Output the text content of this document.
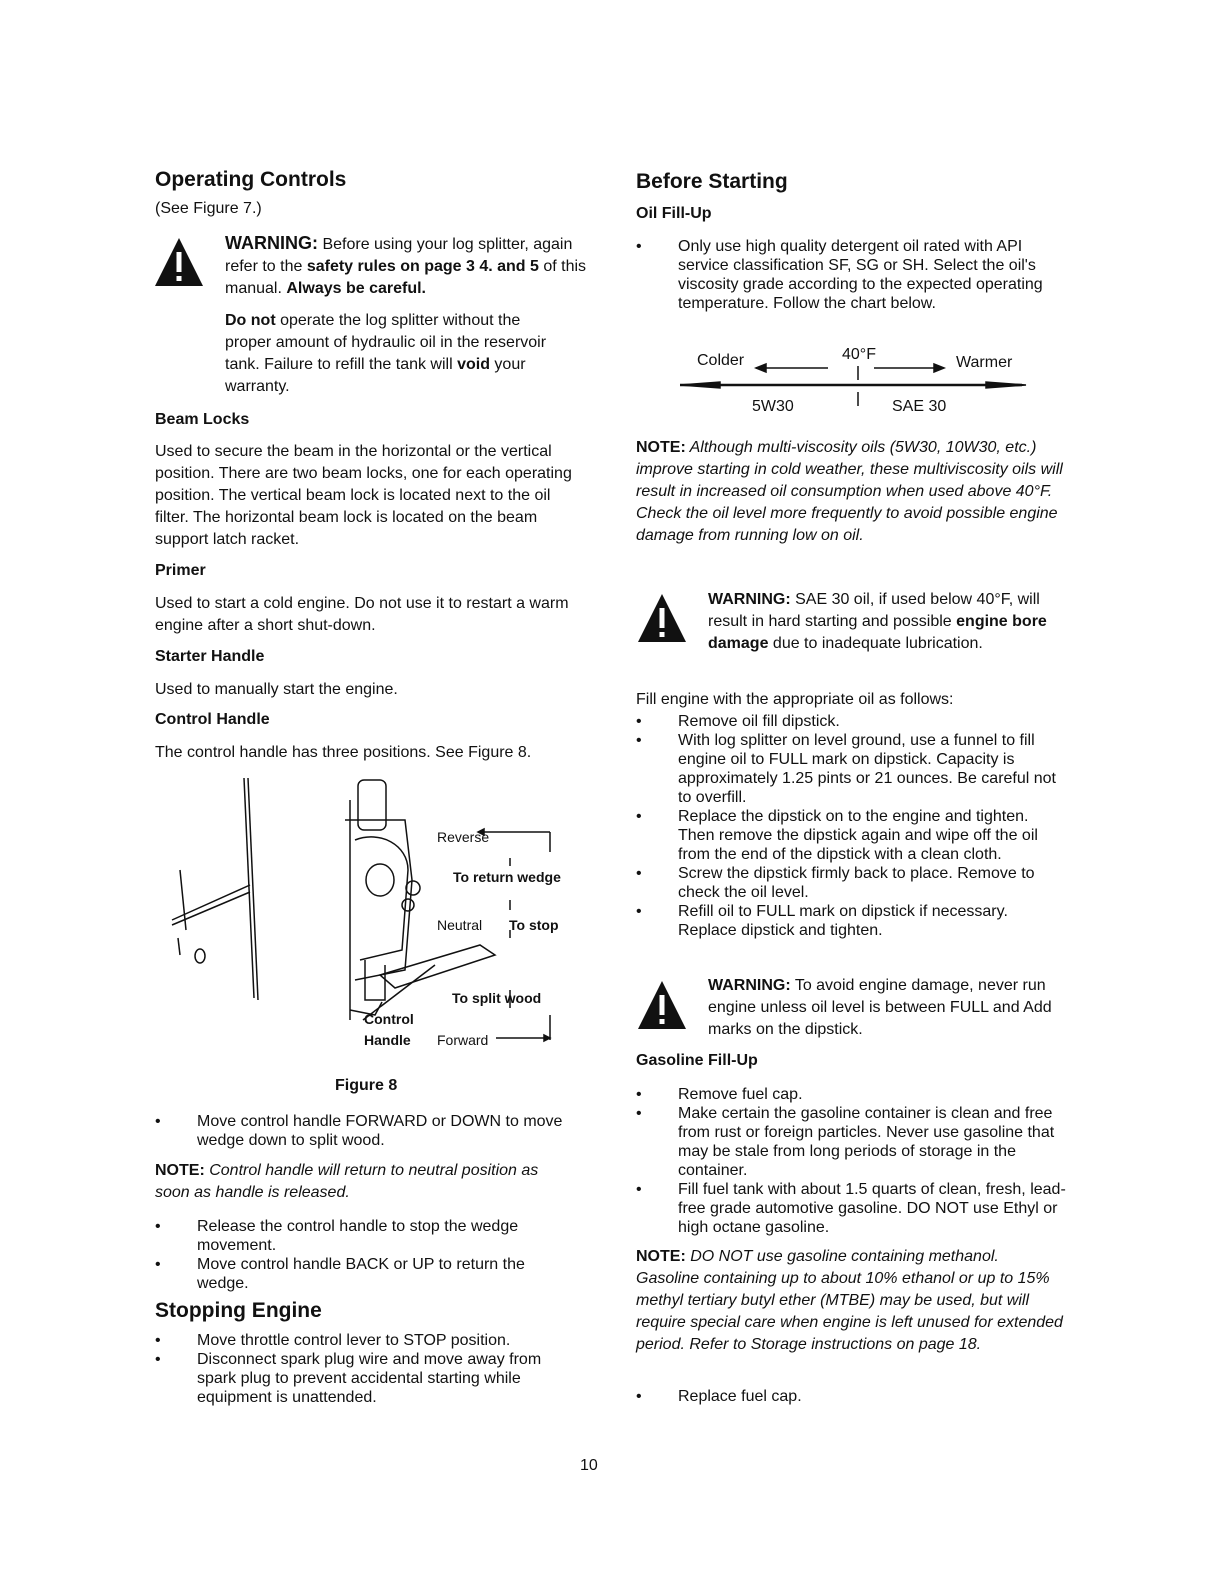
Operating Controls
(See Figure 7.)
WARNING: Before using your log splitter, again refer to the safety rules on page 3 4. and 5 of this manual. Always be careful.
Do not operate the log splitter without the proper amount of hydraulic oil in the reservoir tank. Failure to refill the tank will void your warranty.
Beam Locks
Used to secure the beam in the horizontal or the vertical position. There are two beam locks, one for each operating position. The vertical beam lock is located next to the oil filter. The horizontal beam lock is located on the beam support latch racket.
Primer
Used to start a cold engine. Do not use it to restart a warm engine after a short shut-down.
Starter Handle
Used to manually start the engine.
Control Handle
The control handle has three positions. See Figure 8.
Reverse
To return wedge
Neutral To stop
To split wood
Control
Handle Forward
Figure 8
• Move control handle FORWARD or DOWN to move wedge down to split wood.
NOTE: Control handle will return to neutral position as soon as handle is released.
• Release the control handle to stop the wedge movement.
• Move control handle BACK or UP to return the wedge.
Stopping Engine
• Move throttle control lever to STOP position.
• Disconnect spark plug wire and move away from spark plug to prevent accidental starting while equipment is unattended.
Before Starting
Oil Fill-Up
• Only use high quality detergent oil rated with API service classification SF, SG or SH. Select the oil's viscosity grade according to the expected operating temperature. Follow the chart below.
Colder	40°F	Warmer
5W30	SAE 30
NOTE: Although multi-viscosity oils (5W30, 10W30, etc.) improve starting in cold weather, these multiviscosity oils will result in increased oil consumption when used above 40°F. Check the oil level more frequently to avoid possible engine damage from running low on oil.
WARNING: SAE 30 oil, if used below 40°F, will result in hard starting and possible engine bore damage due to inadequate lubrication.
Fill engine with the appropriate oil as follows:
• Remove oil fill dipstick.
• With log splitter on level ground, use a funnel to fill engine oil to FULL mark on dipstick. Capacity is approximately 1.25 pints or 21 ounces. Be careful not to overfill.
• Replace the dipstick on to the engine and tighten. Then remove the dipstick again and wipe off the oil from the end of the dipstick with a clean cloth.
• Screw the dipstick firmly back to place. Remove to check the oil level.
• Refill oil to FULL mark on dipstick if necessary. Replace dipstick and tighten.
WARNING: To avoid engine damage, never run engine unless oil level is between FULL and Add marks on the dipstick.
Gasoline Fill-Up
• Remove fuel cap.
• Make certain the gasoline container is clean and free from rust or foreign particles. Never use gasoline that may be stale from long periods of storage in the container.
• Fill fuel tank with about 1.5 quarts of clean, fresh, lead-free grade automotive gasoline. DO NOT use Ethyl or high octane gasoline.
NOTE: DO NOT use gasoline containing methanol. Gasoline containing up to about 10% ethanol or up to 15% methyl tertiary butyl ether (MTBE) may be used, but will require special care when engine is left unused for extended period. Refer to Storage instructions on page 18.
• Replace fuel cap.
10
